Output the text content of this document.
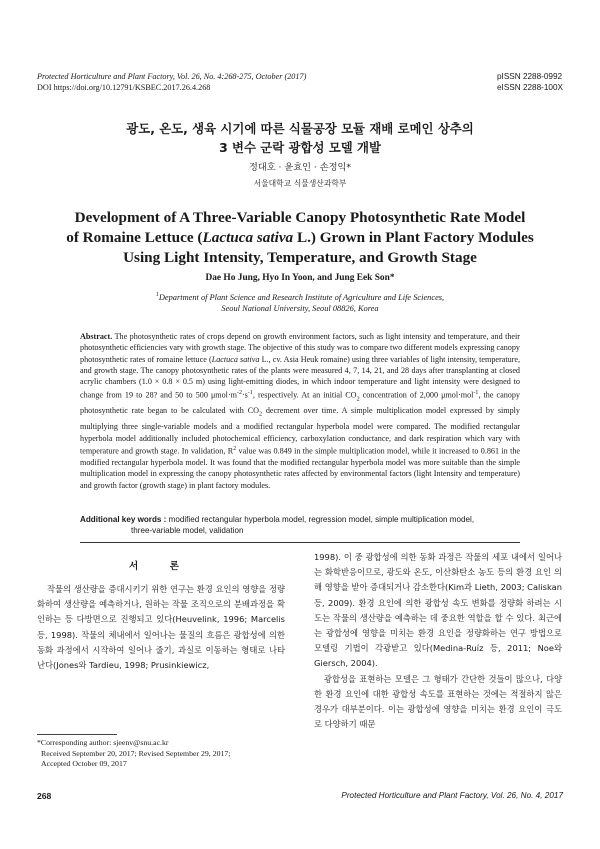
Protected Horticulture and Plant Factory, Vol. 26, No. 4:268-275, October (2017)
DOI https://doi.org/10.12791/KSBEC.2017.26.4.268
pISSN 2288-0992
eISSN 2288-100X
광도, 온도, 생육 시기에 따른 식물공장 모듈 재배 로메인 상추의
3 변수 군락 광합성 모델 개발
정대호 · 윤효인 · 손정익*
서울대학교 식물생산과학부
Development of A Three-Variable Canopy Photosynthetic Rate Model
of Romaine Lettuce (Lactuca sativa L.) Grown in Plant Factory Modules
Using Light Intensity, Temperature, and Growth Stage
Dae Ho Jung, Hyo In Yoon, and Jung Eek Son*
$^1$Department of Plant Science and Research Institute of Agriculture and Life Sciences,
Seoul National University, Seoul 08826, Korea
Abstract. The photosynthetic rates of crops depend on growth environment factors, such as light intensity and temperature, and their photosynthetic efficiencies vary with growth stage. The objective of this study was to compare two different models expressing canopy photosynthetic rates of romaine lettuce (Lactuca sativa L., cv. Asia Heuk romaine) using three variables of light intensity, temperature, and growth stage. The canopy photosynthetic rates of the plants were measured 4, 7, 14, 21, and 28 days after transplanting at closed acrylic chambers (1.0 × 0.8 × 0.5 m) using light-emitting diodes, in which indoor temperature and light intensity were designed to change from 19 to 28? and 50 to 500 $\mu mol\cdot m^{-2}\cdot s^{-1}$, respectively. At an initial $CO_2$ concentration of 2,000 μmol·mol$^{-1}$, the canopy photosynthetic rate began to be calculated with $CO_2$ decrement over time. A simple multiplication model expressed by simply multiplying three single-variable models and a modified rectangular hyperbola model were compared. The modified rectangular hyperbola model additionally included photochemical efficiency, carboxylation conductance, and dark respiration which vary with temperature and growth stage. In validation, $R^2$ value was 0.849 in the simple multiplication model, while it increased to 0.861 in the modified rectangular hyperbola model. It was found that the modified rectangular hyperbola model was more suitable than the simple multiplication model in expressing the canopy photosynthetic rates affected by environmental factors (light Intensity and temperature) and growth factor (growth stage) in plant factory modules.
Additional key words : modified rectangular hyperbola model, regression model, simple multiplication model,
three-variable model, validation
서 론

작물의 생산량을 증대시키기 위한 연구는 환경 요인의 영향을 정량화하여 생산량을 예측하거나, 원하는 작물 조직으로의 분배과정을 확인하는 등 다방면으로 진행되고 있다(Heuvelink, 1996; Marcelis 등, 1998). 작물의 체내에서 일어나는 물질의 흐름은 광합성에 의한 동화 과정에서 시작하여 일어나 줄기, 과실로 이동하는 형태로 나타난다(Jones와 Tardieu, 1998; Prusinkiewicz,

1998). 이 중 광합성에 의한 동화 과정은 작물의 세포 내에서 일어나는 화학반응이므로, 광도와 온도, 이산화탄소 농도 등의 환경 요인 의해 영향을 받아 증대되거나 감소한다(Kim과 Lieth, 2003; Caliskan 등, 2009). 환경 요인에 의한 광합성 속도 변화를 정량화 하려는 시도는 작물의 생산량을 예측하는 데 중요한 역할을 할 수 있다. 최근에는 광합성에 영향을 미치는 환경 요인을 정량화하는 연구 방법으로 모델링 기법이 각광받고 있다(Medina-Ruíz 등, 2011; Noe와 Giersch, 2004).

광합성을 표현하는 모델은 그 형태가 간단한 것들이 많으나, 다양한 환경 요인에 대한 광합성 속도를 표현하는 것에는 적절하지 않은 경우가 대부분이다. 이는 광합성에 영향을 미치는 환경 요인이 극도로 다양하기 때문

*Corresponding author: sjeenv@snu.ac.kr
Received September 20, 2017; Revised September 29, 2017;
Accepted October 09, 2017
268	Protected Horticulture and Plant Factory, Vol. 26, No. 4, 2017
